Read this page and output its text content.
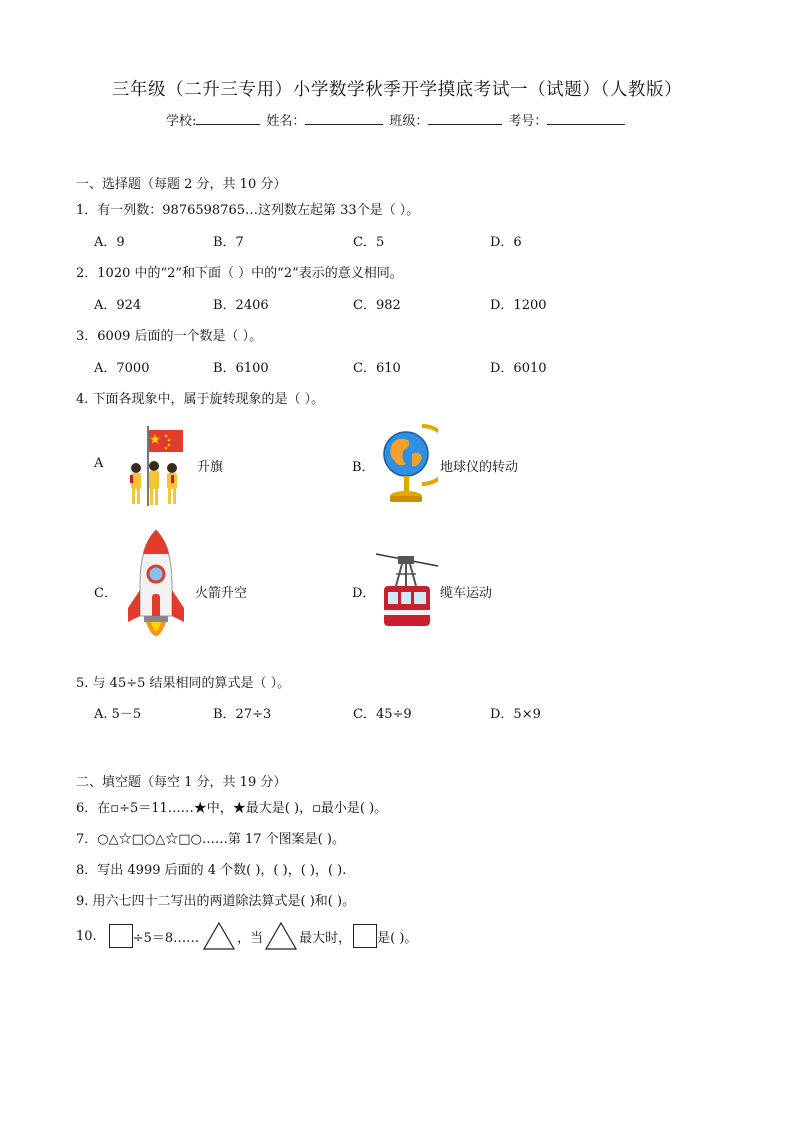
三年级（二升三专用）小学数学秋季开学摸底考试一（试题）（人教版）
学校:	姓名：	班级：	考号：
一、选择题（每题 2 分，共 10 分）
1．有一列数：9876598765…这列数左起第 33个是（ ）。
A．9	B．7	C．5	D．6
2．1020 中的“2”和下面（ ）中的“2”表示的意义相同。
A．924	B．2406	C．982	D．1200
3．6009 后面的一个数是（ ）。
A．7000	B．6100	C．610	D．6010
4. 下面各现象中，属于旋转现象的是（ ）。
A	升旗	B．	地球仪的转动
C．	火箭升空	D．	缆车运动
5. 与 45÷5 结果相同的算式是（ ）。
A. 5－5	B．27÷3	C．45÷9	D．5×9
二、填空题（每空 1 分，共 19 分）
6．在▫÷5＝11……★中，★最大是( )，▫最小是( )。
7．○△☆□○△☆□○……第 17 个图案是( )。
8．写出 4999 后面的 4 个数( )，( )，( )，( ).
9. 用六七四十二写出的两道除法算式是( )和( )。
10.	÷5＝8……	，当	最大时， 是( )。
